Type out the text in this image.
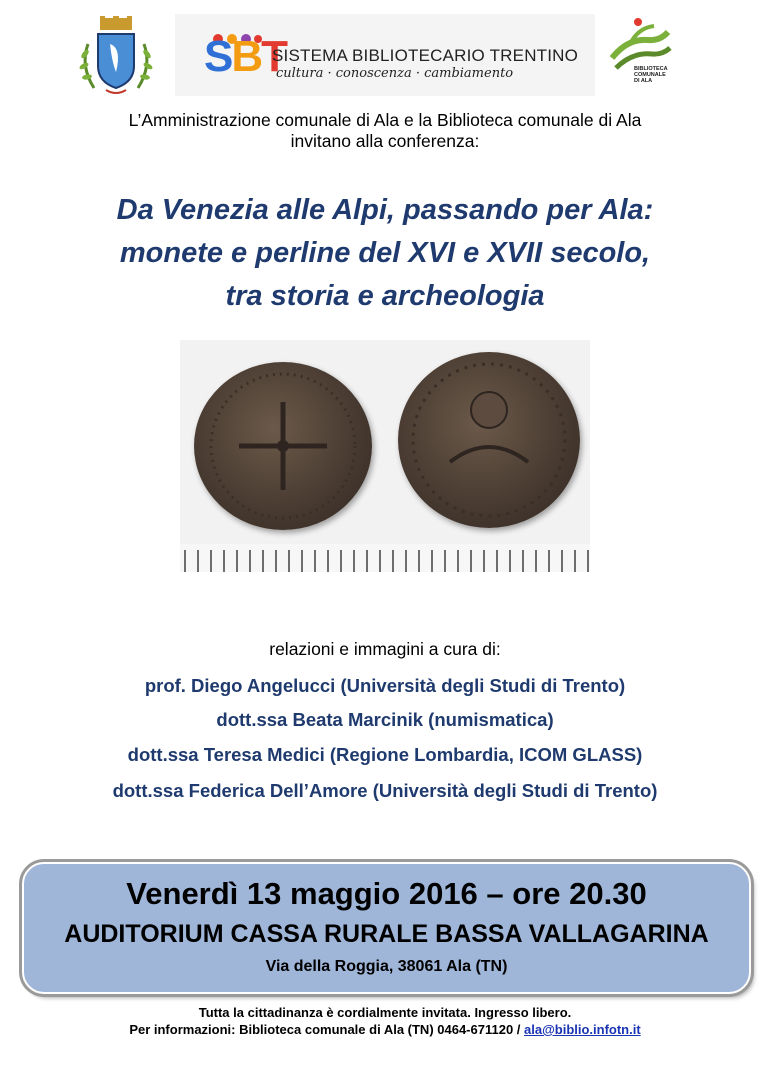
SBT
SISTEMA BIBLIOTECARIO TRENTINO
cultura · conoscenza · cambiamento	BIBLIOTECA
COMUNALE
DI ALA
L’Amministrazione comunale di Ala e la Biblioteca comunale di Ala
invitano alla conferenza:
Da Venezia alle Alpi, passando per Ala:
monete e perline del XVI e XVII secolo,
tra storia e archeologia
relazioni e immagini a cura di:
prof. Diego Angelucci (Università degli Studi di Trento)
dott.ssa Beata Marcinik (numismatica)
dott.ssa Teresa Medici (Regione Lombardia, ICOM GLASS)
dott.ssa Federica Dell’Amore (Università degli Studi di Trento)
Venerdì 13 maggio 2016 – ore 20.30
AUDITORIUM CASSA RURALE BASSA VALLAGARINA
Via della Roggia, 38061 Ala (TN)
Tutta la cittadinanza è cordialmente invitata. Ingresso libero.
Per informazioni: Biblioteca comunale di Ala (TN) 0464-671120 / ala@biblio.infotn.it
